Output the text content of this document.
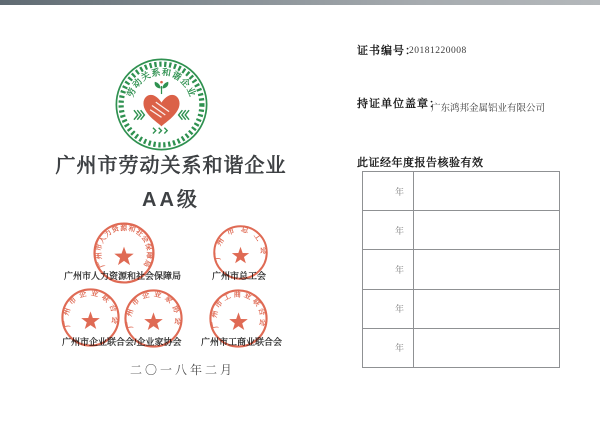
劳动关系和谐企业
广州市劳动关系和谐企业
AA级
广州市人力资源和社会保障局	广州市总工会
广州市企业联合会/企业家协会 广州市工商业联合会
广州市人力资源和社会保障局
广州市总工会
广州市企业联合会 广州市企业家协会 广州市工商业联合会
二〇一八年二月
证书编号：
20181220008
持证单位盖章：
广东鸿邦金属铝业有限公司
此证经年度报告核验有效
年
年
年
年
年
